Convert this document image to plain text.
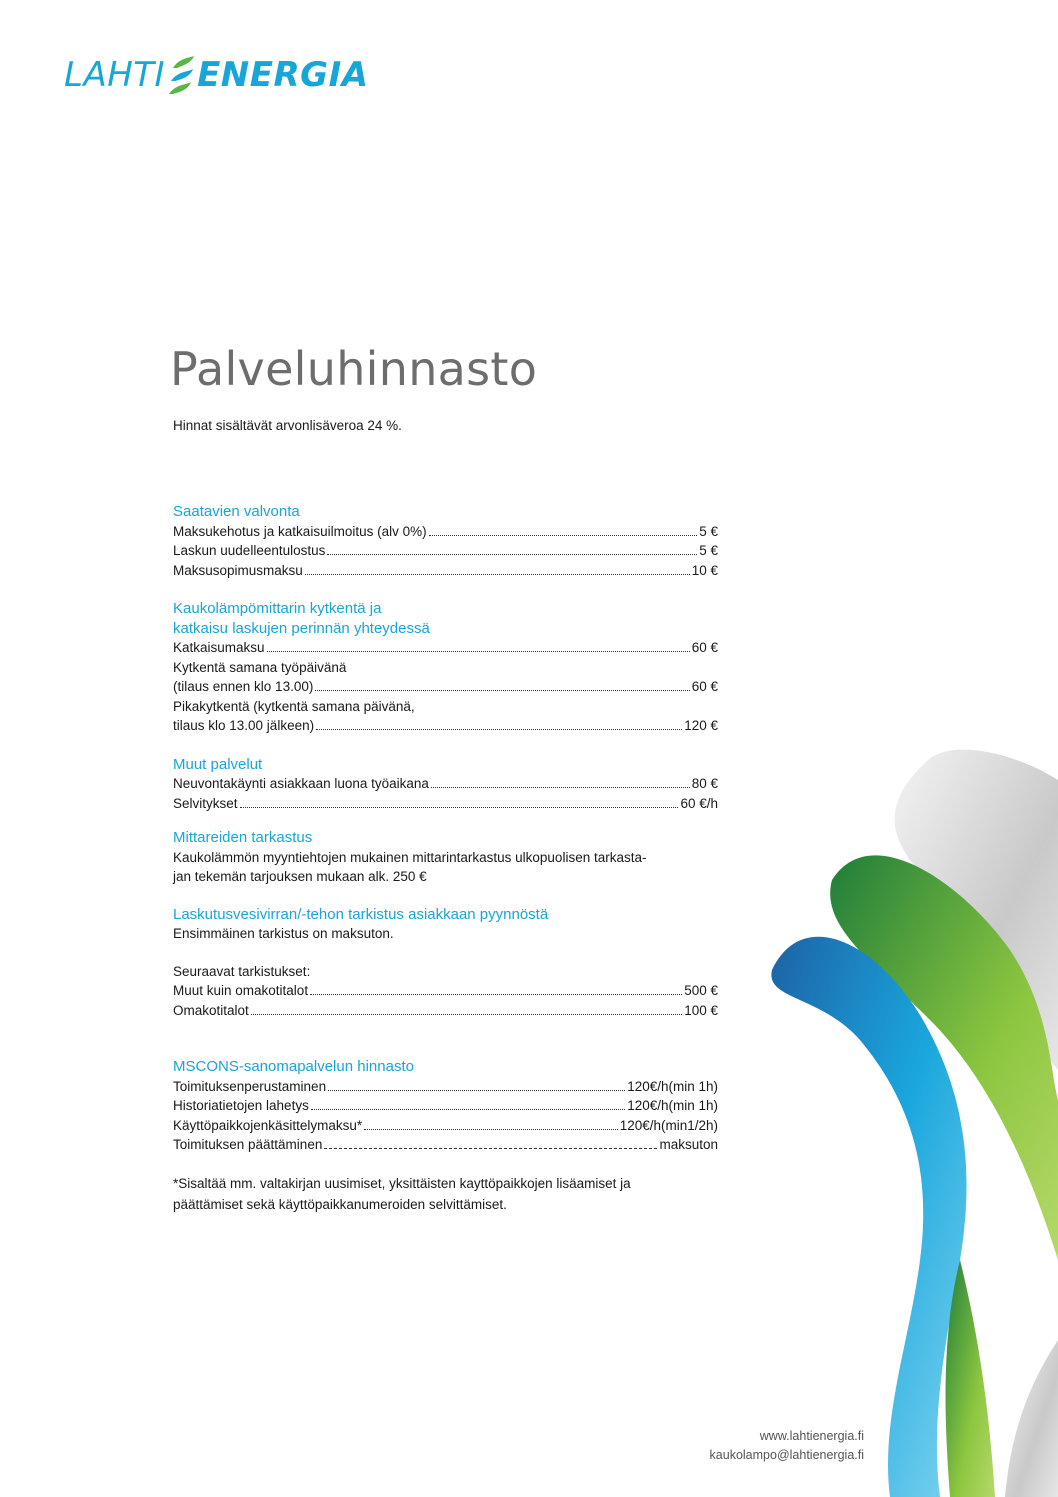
LAHTI ENERGIA
Palveluhinnasto

Hinnat sisältävät arvonlisäveroa 24 %.

Saatavien valvonta

Maksukehotus ja katkaisuilmoitus (alv 0%)	5 €
Laskun uudelleentulostus	5 €
Maksusopimusmaksu	10 €

Kaukolämpömittarin kytkentä ja

katkaisu laskujen perinnän yhteydessä

Katkaisumaksu	60 €

Kytkentä samana työpäivänä

(tilaus ennen klo 13.00)	60 €

Pikakytkentä (kytkentä samana päivänä,

tilaus klo 13.00 jälkeen)	120 €

Muut palvelut

Neuvontakäynti asiakkaan luona työaikana	80 €
Selvitykset	60 €/h

Mittareiden tarkastus

Kaukolämmön myyntiehtojen mukainen mittarintarkastus ulkopuolisen tarkasta-

jan tekemän tarjouksen mukaan alk. 250 €

Laskutusvesivirran/-tehon tarkistus asiakkaan pyynnöstä

Ensimmäinen tarkistus on maksuton.

Seuraavat tarkistukset:

Muut kuin omakotitalot	500 €
Omakotitalot	100 €

MSCONS-sanomapalvelun hinnasto

Toimituksenperustaminen	120€/h(min 1h)
Historiatietojen lahetys	120€/h(min 1h)
Käyttöpaikkojenkäsittelymaksu*	120€/h(min1/2h)
Toimituksen päättäminen	maksuton

*Sisaltää mm. valtakirjan uusimiset, yksittäisten kayttöpaikkojen lisäamiset ja

päättämiset sekä käyttöpaikkanumeroiden selvittämiset.

www.lahtienergia.fi
kaukolampo@lahtienergia.fi
